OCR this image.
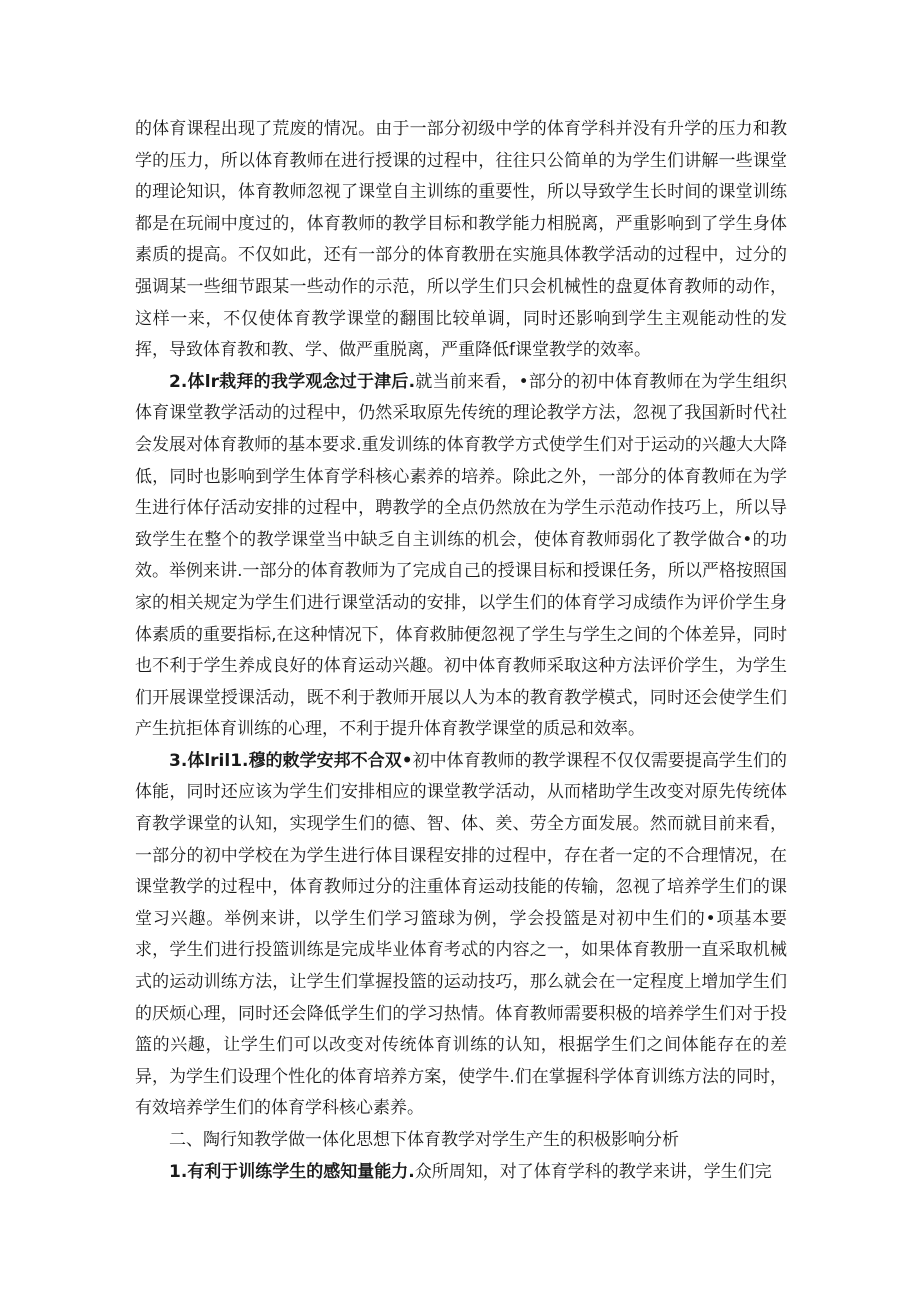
的体育课程出现了荒废的情况。由于一部分初级中学的体育学科并没有升学的压力和教学的压力，所以体育教师在进行授课的过程中，往往只公简单的为学生们讲解一些课堂的理论知识，体育教师忽视了课堂自主训练的重要性，所以导致学生长时间的课堂训练都是在玩闹中度过的，体育教师的教学目标和教学能力相脱离，严重影响到了学生身体素质的提高。不仅如此，还有一部分的体育教册在实施具体教学活动的过程中，过分的强调某一些细节跟某一些动作的示范，所以学生们只会机械性的盘夏体育教师的动作，这样一来，不仅使体育教学课堂的翻围比较单调，同时还影响到学生主观能动性的发挥，导致体育教和教、学、做严重脱离，严重降低f课堂教学的效率。

2.体lr栽拜的我学观念过于津后.就当前来看，•部分的初中体育教师在为学生组织体育课堂教学活动的过程中，仍然采取原先传统的理论教学方法，忽视了我国新时代社会发展对体育教师的基本要求.重发训练的体育教学方式使学生们对于运动的兴趣大大降低，同时也影响到学生体育学科核心素养的培养。除此之外，一部分的体育教师在为学生进行体仔活动安排的过程中，聘教学的全点仍然放在为学生示范动作技巧上，所以导致学生在整个的教学课堂当中缺乏自主训练的机会，使体育教师弱化了教学做合•的功效。举例来讲.一部分的体育教师为了完成自己的授课目标和授课任务，所以严格按照国家的相关规定为学生们进行课堂活动的安排，以学生们的体育学习成绩作为评价学生身体素质的重要指标,在这种情况下，体育救肺便忽视了学生与学生之间的个体差异，同时也不利于学生养成良好的体育运动兴趣。初中体育教师采取这种方法评价学生，为学生们开展课堂授课活动，既不利于教师开展以人为本的教育教学模式，同时还会使学生们产生抗拒体育训练的心理，不利于提升体育教学课堂的质忌和效率。

3.体lril1.穆的敕学安邦不合双•初中体育教师的教学课程不仅仅需要提高学生们的体能，同时还应该为学生们安排相应的课堂教学活动，从而楮助学生改变对原先传统体育教学课堂的认知，实现学生们的德、智、体、羑、劳全方面发展。然而就目前来看，一部分的初中学校在为学生进行体目课程安排的过程中，存在者一定的不合理情况，在课堂教学的过程中，体育教师过分的注重体育运动技能的传输，忽视了培养学生们的课堂习兴趣。举例来讲，以学生们学习篮球为例，学会投篮是对初中生们的•项基本要求，学生们进行投篮训练是完成毕业体育考忒的内容之一，如果体育教册一直采取机械式的运动训练方法，让学生们掌握投篮的运动技巧，那么就会在一定程度上增加学生们的厌烦心理，同时还会降低学生们的学习热情。体育教师需要积极的培养学生们对于投篮的兴趣，让学生们可以改变对传统体育训练的认知，根据学生们之间体能存在的差异，为学生们设理个性化的体育培养方案，使学牛.们在掌握科学体育训练方法的同时，有效培养学生们的体育学科核心素养。

二、陶行知教学做一体化思想下体育教学对学生产生的积极影响分析

1.有利于训练学生的感知量能力.众所周知，对了体育学科的教学来讲，学生们完
